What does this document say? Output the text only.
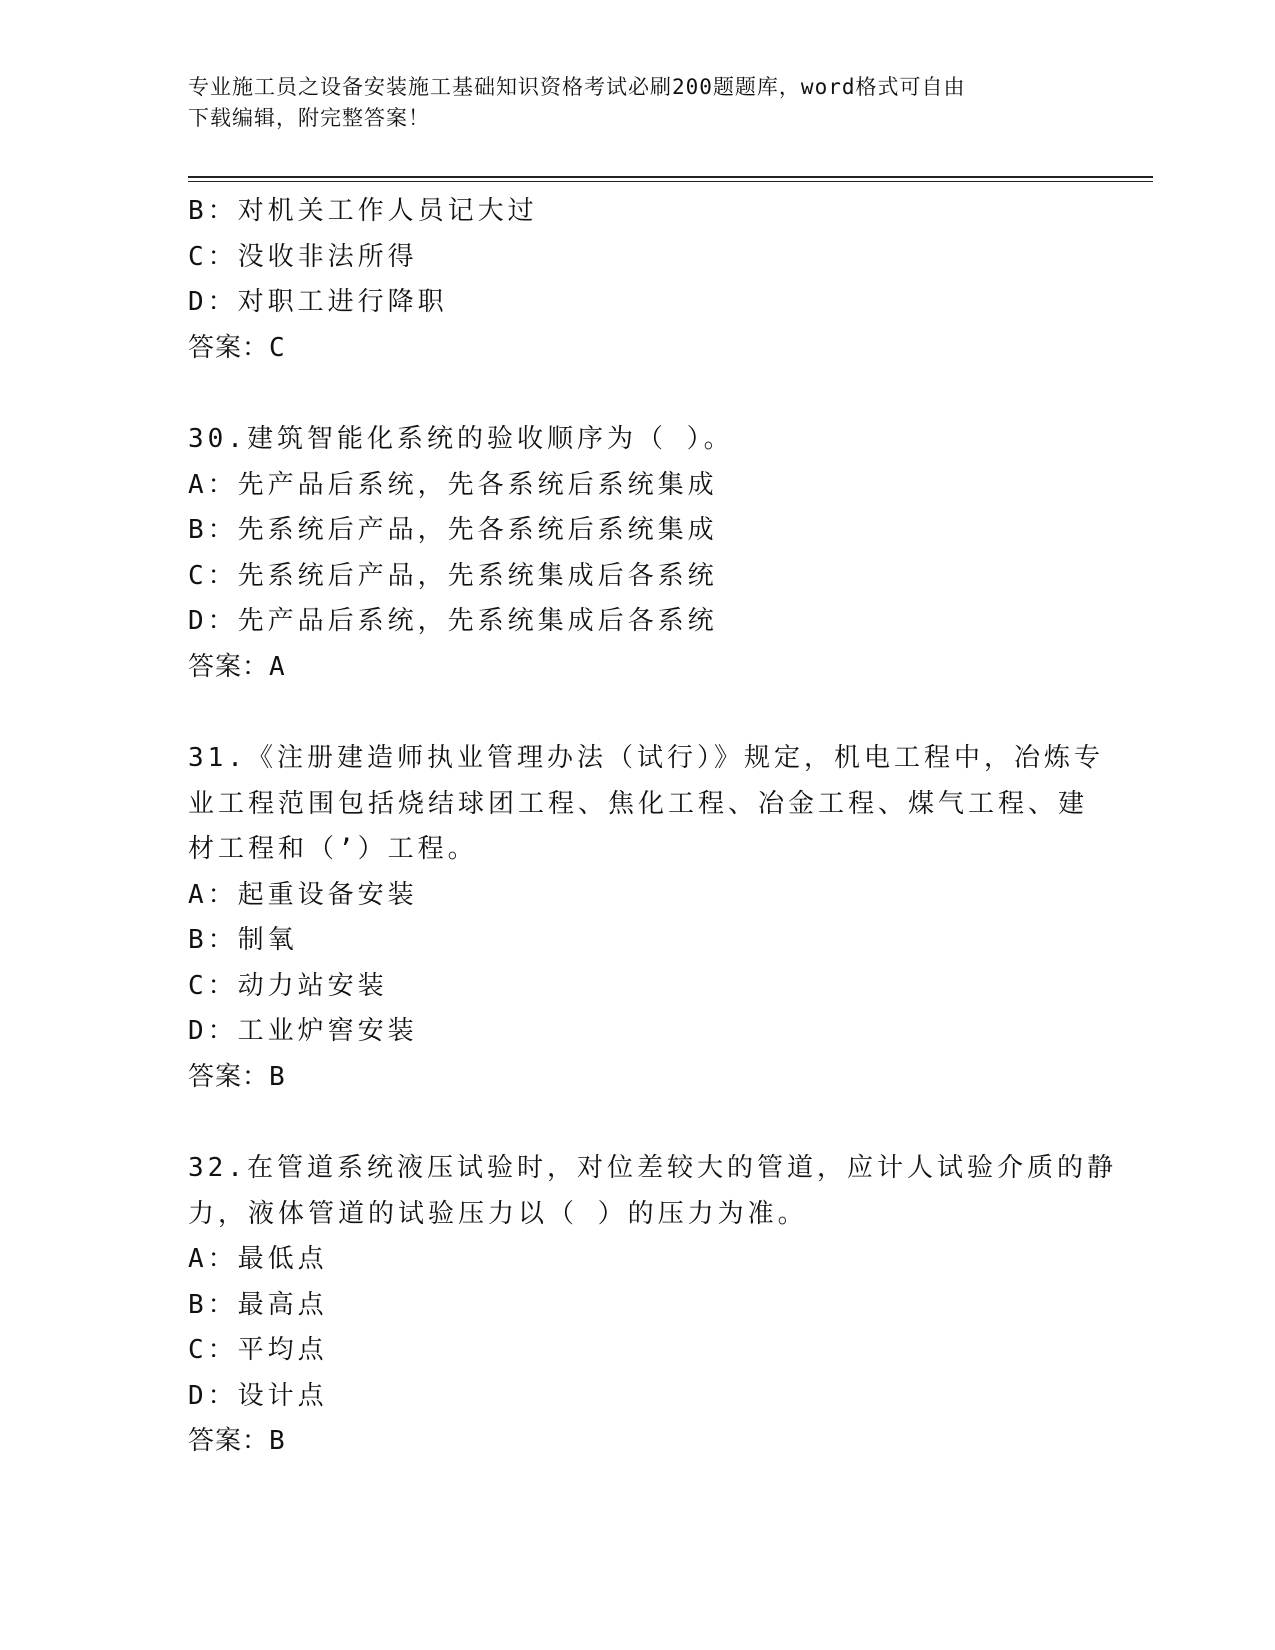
专业施工员之设备安装施工基础知识资格考试必刷200题题库，word格式可自由
下载编辑，附完整答案！
B：对机关工作人员记大过
C：没收非法所得
D：对职工进行降职
答案：C
30.建筑智能化系统的验收顺序为（ ）。
A：先产品后系统，先各系统后系统集成
B：先系统后产品，先各系统后系统集成
C：先系统后产品，先系统集成后各系统
D：先产品后系统，先系统集成后各系统
答案：A
31.《注册建造师执业管理办法（试行）》规定，机电工程中，冶炼专
业工程范围包括烧结球团工程、焦化工程、冶金工程、煤气工程、建
材工程和（’）工程。
A：起重设备安装
B：制氧
C：动力站安装
D：工业炉窖安装
答案：B
32.在管道系统液压试验时，对位差较大的管道，应计人试验介质的静
力，液体管道的试验压力以（ ）的压力为准。
A：最低点
B：最高点
C：平均点
D：设计点
答案：B
